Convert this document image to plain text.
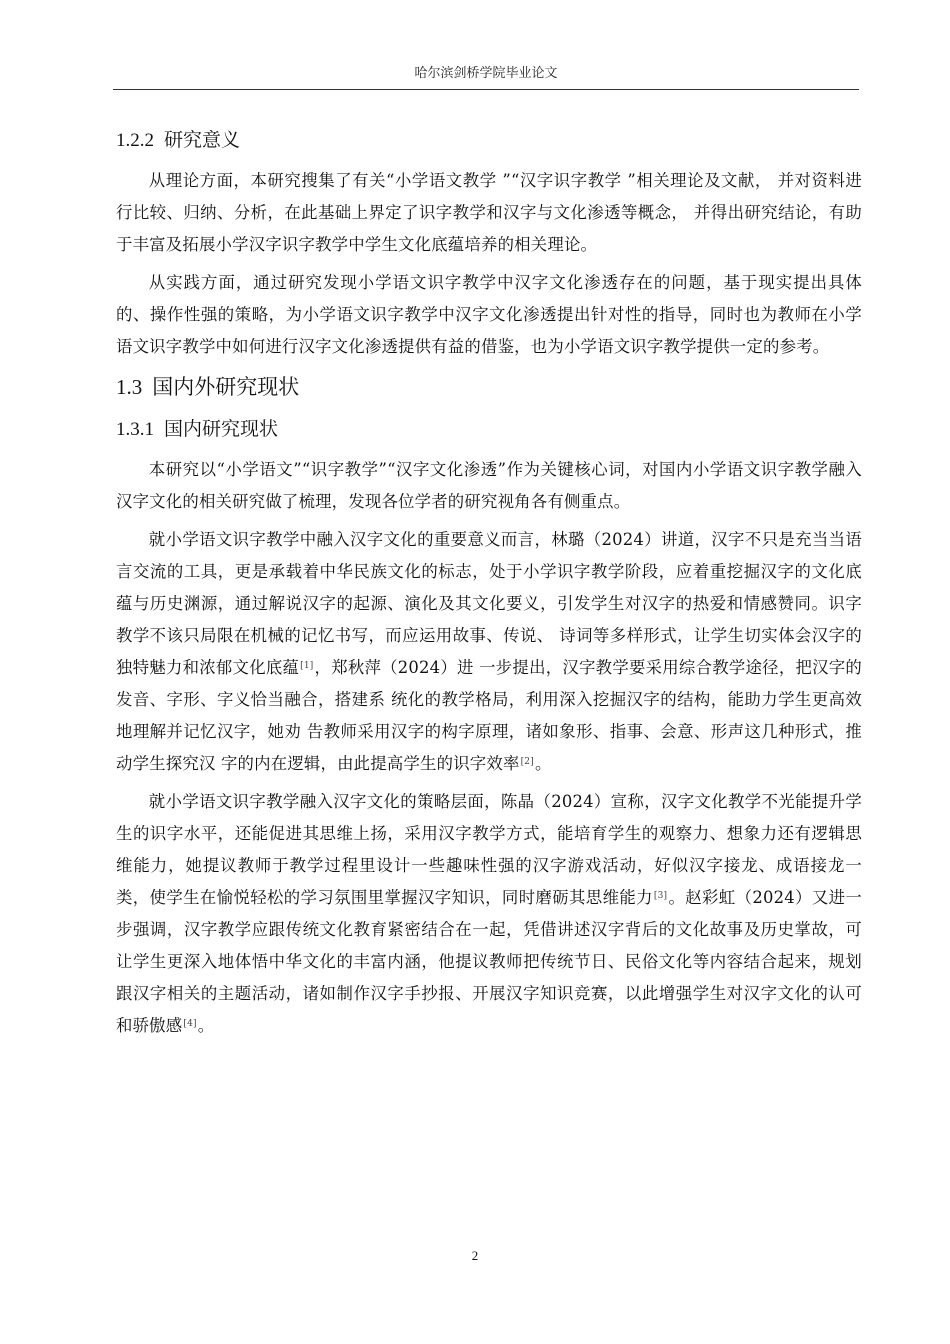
哈尔滨剑桥学院毕业论文
1.2.2 研究意义

从理论方面，本研究搜集了有关“小学语文教学 ”“汉字识字教学 ”相关理论及文献， 并对资料进行比较、归纳、分析，在此基础上界定了识字教学和汉字与文化渗透等概念， 并得出研究结论，有助于丰富及拓展小学汉字识字教学中学生文化底蕴培养的相关理论。

从实践方面，通过研究发现小学语文识字教学中汉字文化渗透存在的问题，基于现实提出具体的、操作性强的策略，为小学语文识字教学中汉字文化渗透提出针对性的指导，同时也为教师在小学语文识字教学中如何进行汉字文化渗透提供有益的借鉴，也为小学语文识字教学提供一定的参考。

1.3 国内外研究现状
1.3.1 国内研究现状

本研究以“小学语文”“识字教学”“汉字文化渗透”作为关键核心词，对国内小学语文识字教学融入汉字文化的相关研究做了梳理，发现各位学者的研究视角各有侧重点。

就小学语文识字教学中融入汉字文化的重要意义而言，林璐（2024）讲道，汉字不只是充当当语言交流的工具，更是承载着中华民族文化的标志，处于小学识字教学阶段，应着重挖掘汉字的文化底蕴与历史渊源，通过解说汉字的起源、演化及其文化要义，引发学生对汉字的热爱和情感赞同。识字教学不该只局限在机械的记忆书写，而应运用故事、传说、 诗词等多样形式，让学生切实体会汉字的独特魅力和浓郁文化底蕴[1]，郑秋萍（2024）进 一步提出，汉字教学要采用综合教学途径，把汉字的发音、字形、字义恰当融合，搭建系 统化的教学格局，利用深入挖掘汉字的结构，能助力学生更高效地理解并记忆汉字，她劝 告教师采用汉字的构字原理，诸如象形、指事、会意、形声这几种形式，推动学生探究汉 字的内在逻辑，由此提高学生的识字效率[2]。

就小学语文识字教学融入汉字文化的策略层面，陈晶（2024）宣称，汉字文化教学不光能提升学生的识字水平，还能促进其思维上扬，采用汉字教学方式，能培育学生的观察力、想象力还有逻辑思维能力，她提议教师于教学过程里设计一些趣味性强的汉字游戏活动，好似汉字接龙、成语接龙一类，使学生在愉悦轻松的学习氛围里掌握汉字知识，同时磨砺其思维能力[3]。赵彩虹（2024）又进一步强调，汉字教学应跟传统文化教育紧密结合在一起，凭借讲述汉字背后的文化故事及历史掌故，可让学生更深入地体悟中华文化的丰富内涵，他提议教师把传统节日、民俗文化等内容结合起来，规划跟汉字相关的主题活动，诸如制作汉字手抄报、开展汉字知识竞赛，以此增强学生对汉字文化的认可和骄傲感[4]。

2
